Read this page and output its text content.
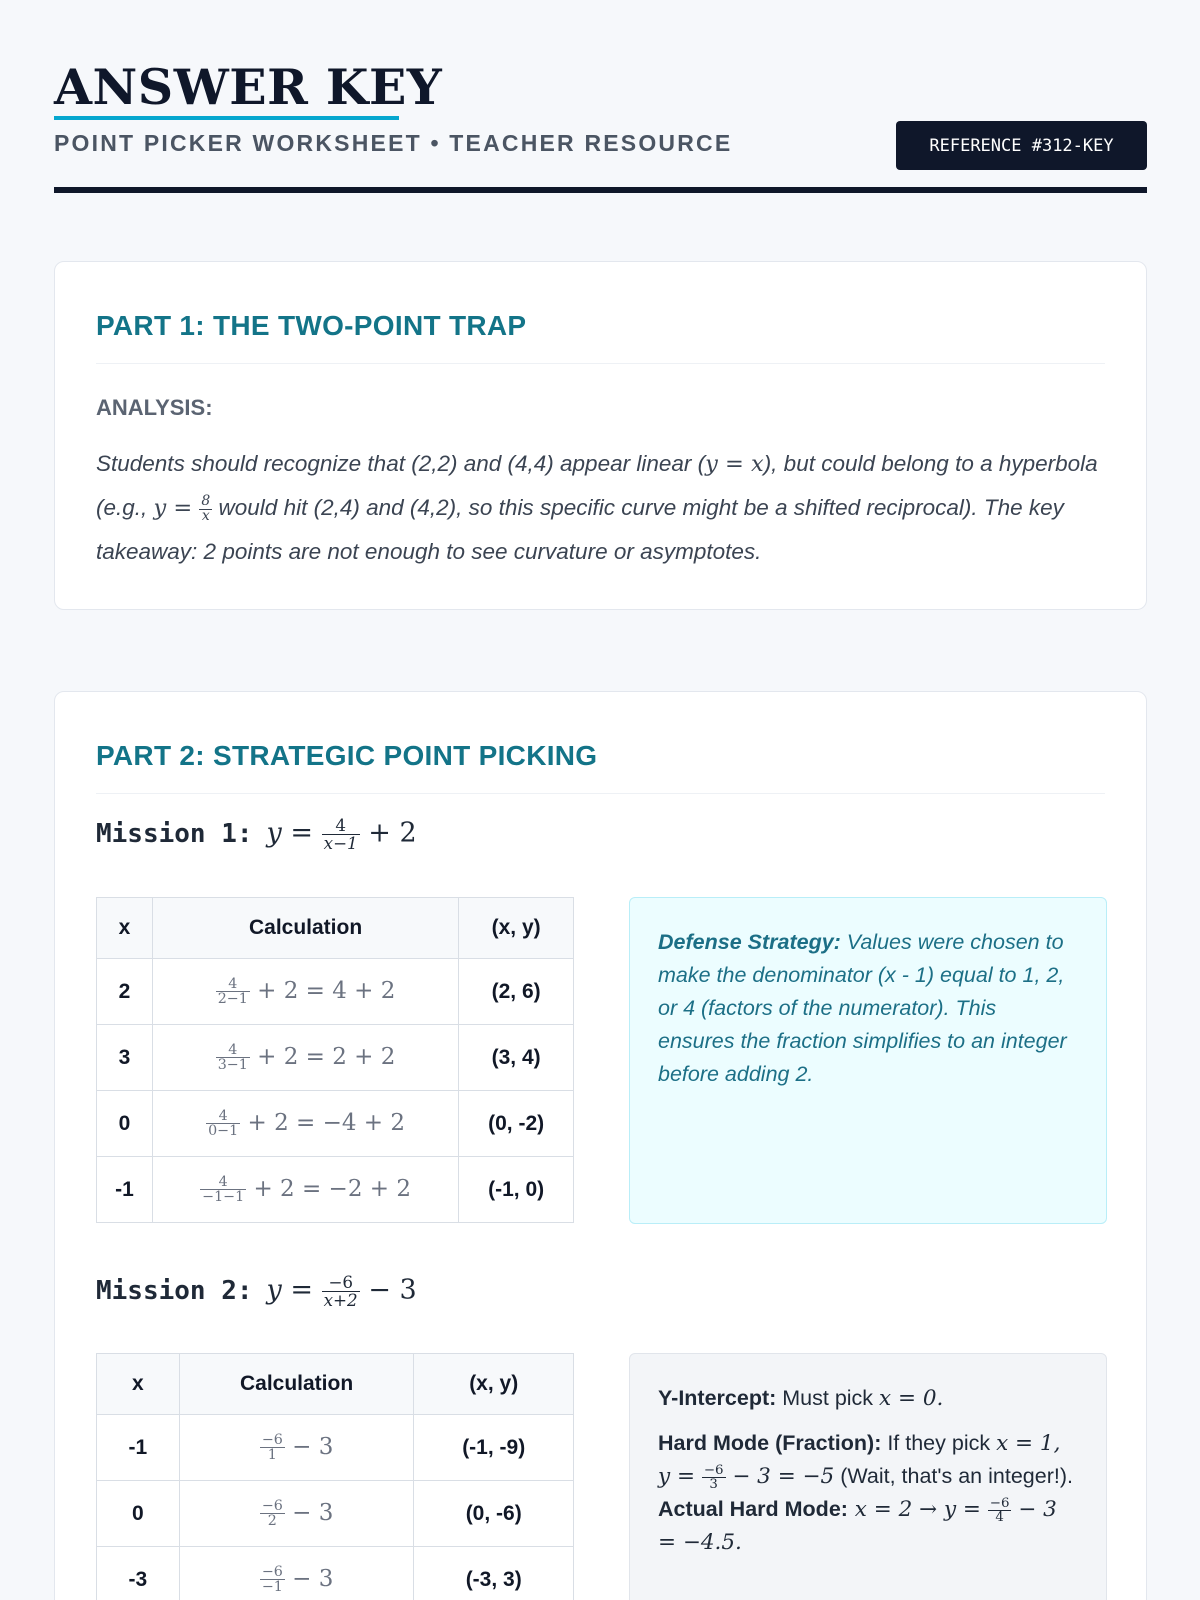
ANSWER KEY
POINT PICKER WORKSHEET • TEACHER RESOURCE	REFERENCE #312-KEY
PART 1: THE TWO-POINT TRAP
ANALYSIS:
Students should recognize that (2,2) and (4,4) appear linear (y = x), but could belong to a hyperbola (e.g., $y = \frac{8}{x}$ would hit (2,4) and (4,2), so this specific curve might be a shifted reciprocal). The key takeaway: 2 points are not enough to see curvature or asymptotes.
PART 2: STRATEGIC POINT PICKING
Mission 1: $y = \frac{4}{x-1} + 2$
x	Calculation	(x, y)
2	$\frac{4}{2-1} + 2 = 4 + 2$	(2, 6)
3	$\frac{4}{3-1} + 2 = 2 + 2$	(3, 4)
0	$\frac{4}{0-1} + 2 = -4 + 2$	(0, -2)
-1	$\frac{4}{-1-1} + 2 = -2 + 2$	(-1, 0)
Defense Strategy: Values were chosen to make the denominator (x - 1) equal to 1, 2, or 4 (factors of the numerator). This ensures the fraction simplifies to an integer before adding 2.
Mission 2: $y = \frac{-6}{x+2} - 3$
x	Calculation	(x, y)
-1	$\frac{-6}{1} - 3$	(-1, -9)
0	$\frac{-6}{2} - 3$	(0, -6)
-3	$\frac{-6}{-1} - 3$	(-3, 3)
Y-Intercept: Must pick x = 0.
Hard Mode (Fraction): If they pick x = 1, $y = \frac{-6}{3} - 3 = -5$ (Wait, that's an integer!). Actual Hard Mode: $x = 2 \to y = \frac{-6}{4} - 3 = -4.5$.
